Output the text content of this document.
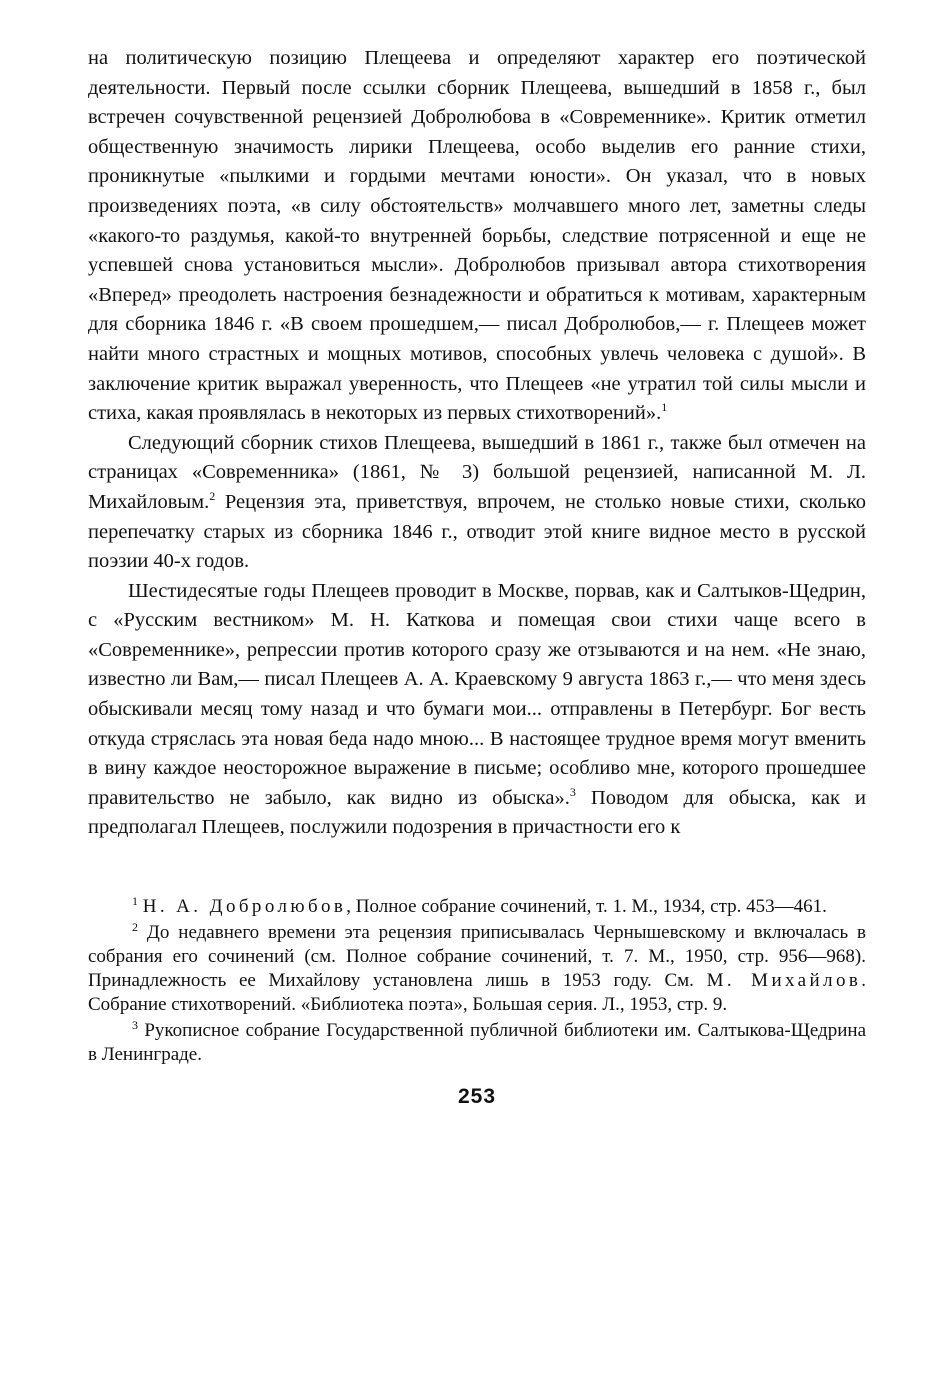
на политическую позицию Плещеева и определяют характер его поэтической деятельности. Первый после ссылки сборник Плещеева, вышедший в 1858 г., был встречен сочувственной рецензией Добролюбова в «Современнике». Критик отметил общественную значимость лирики Плещеева, особо выделив его ранние стихи, проникнутые «пылкими и гордыми мечтами юности». Он указал, что в новых произведениях поэта, «в силу обстоятельств» молчавшего много лет, заметны следы «какого-то раздумья, какой-то внутренней борьбы, следствие потрясенной и еще не успевшей снова установиться мысли». Добролюбов призывал автора стихотворения «Вперед» преодолеть настроения безнадежности и обратиться к мотивам, характерным для сборника 1846 г. «В своем прошедшем,— писал Добролюбов,— г. Плещеев может найти много страстных и мощных мотивов, способных увлечь человека с душой». В заключение критик выражал уверенность, что Плещеев «не утратил той силы мысли и стиха, какая проявлялась в некоторых из первых стихотворений».$^1$

Следующий сборник стихов Плещеева, вышедший в 1861 г., также был отмечен на страницах «Современника» (1861, № 3) большой рецензией, написанной М. Л. Михайловым.$^2$ Рецензия эта, приветствуя, впрочем, не столько новые стихи, сколько перепечатку старых из сборника 1846 г., отводит этой книге видное место в русской поэзии 40-х годов.

Шестидесятые годы Плещеев проводит в Москве, порвав, как и Салтыков-Щедрин, с «Русским вестником» М. Н. Каткова и помещая свои стихи чаще всего в «Современнике», репрессии против которого сразу же отзываются и на нем. «Не знаю, известно ли Вам,— писал Плещеев А. А. Краевскому 9 августа 1863 г.,— что меня здесь обыскивали месяц тому назад и что бумаги мои... отправлены в Петербург. Бог весть откуда стряслась эта новая беда надо мною... В настоящее трудное время могут вменить в вину каждое неосторожное выражение в письме; особливо мне, которого прошедшее правительство не забыло, как видно из обыска».$^3$ Поводом для обыска, как и предполагал Плещеев, послужили подозрения в причастности его к

$^1$ Н. А. Добролюбов, Полное собрание сочинений, т. 1. М., 1934, стр. 453—461.

$^2$ До недавнего времени эта рецензия приписывалась Чернышевскому и включалась в собрания его сочинений (см. Полное собрание сочинений, т. 7. М., 1950, стр. 956—968). Принадлежность ее Михайлову установлена лишь в 1953 году. См. М. Михайлов. Собрание стихотворений. «Библиотека поэта», Большая серия. Л., 1953, стр. 9.

$^3$ Рукописное собрание Государственной публичной библиотеки им. Салтыкова-Щедрина в Ленинграде.

253
